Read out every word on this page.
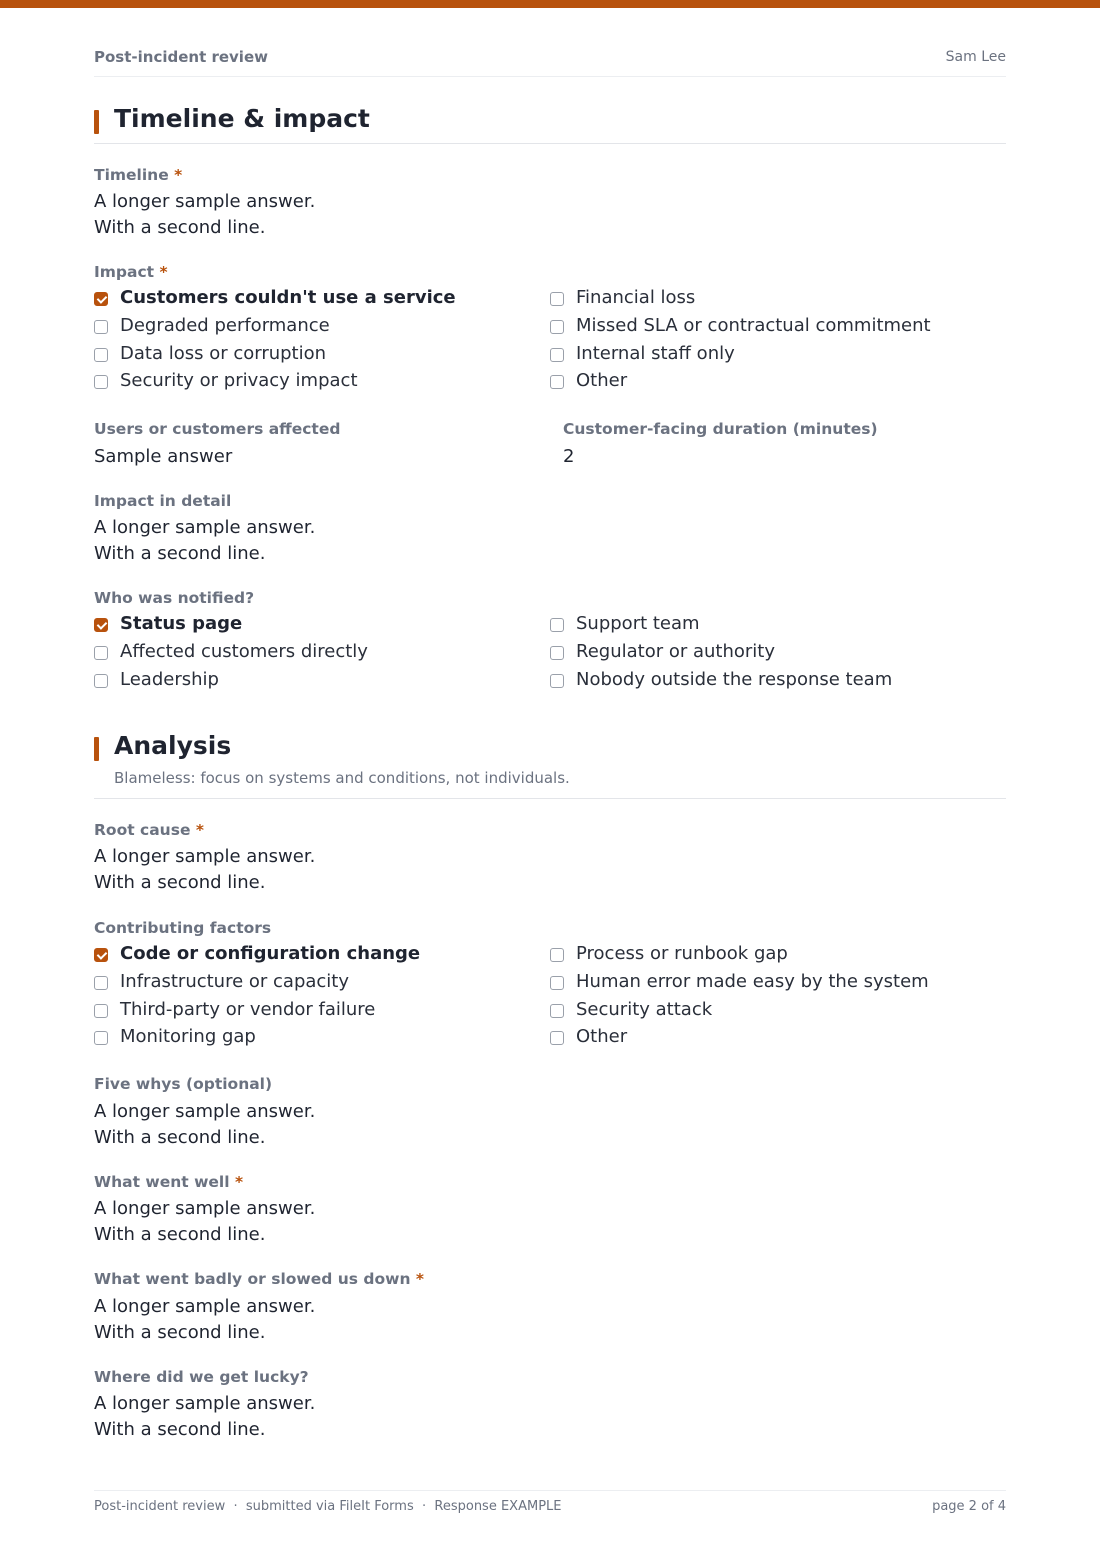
Post-incident review	Sam Lee
Timeline & impact
Timeline *
A longer sample answer.
With a second line.
Impact *
Customers couldn't use a service
Degraded performance
Data loss or corruption
Security or privacy impact
Financial loss
Missed SLA or contractual commitment
Internal staff only
Other
Users or customers affected
Sample answer
Customer-facing duration (minutes)
2
Impact in detail
A longer sample answer.
With a second line.
Who was notified?
Status page
Affected customers directly
Leadership
Support team
Regulator or authority
Nobody outside the response team
Analysis
Blameless: focus on systems and conditions, not individuals.
Root cause *
A longer sample answer.
With a second line.
Contributing factors
Code or configuration change
Infrastructure or capacity
Third-party or vendor failure
Monitoring gap
Process or runbook gap
Human error made easy by the system
Security attack
Other
Five whys (optional)
A longer sample answer.
With a second line.
What went well *
A longer sample answer.
With a second line.
What went badly or slowed us down *
A longer sample answer.
With a second line.
Where did we get lucky?
A longer sample answer.
With a second line.
Post-incident review  ·  submitted via FileIt Forms  ·  Response EXAMPLE	page 2 of 4
